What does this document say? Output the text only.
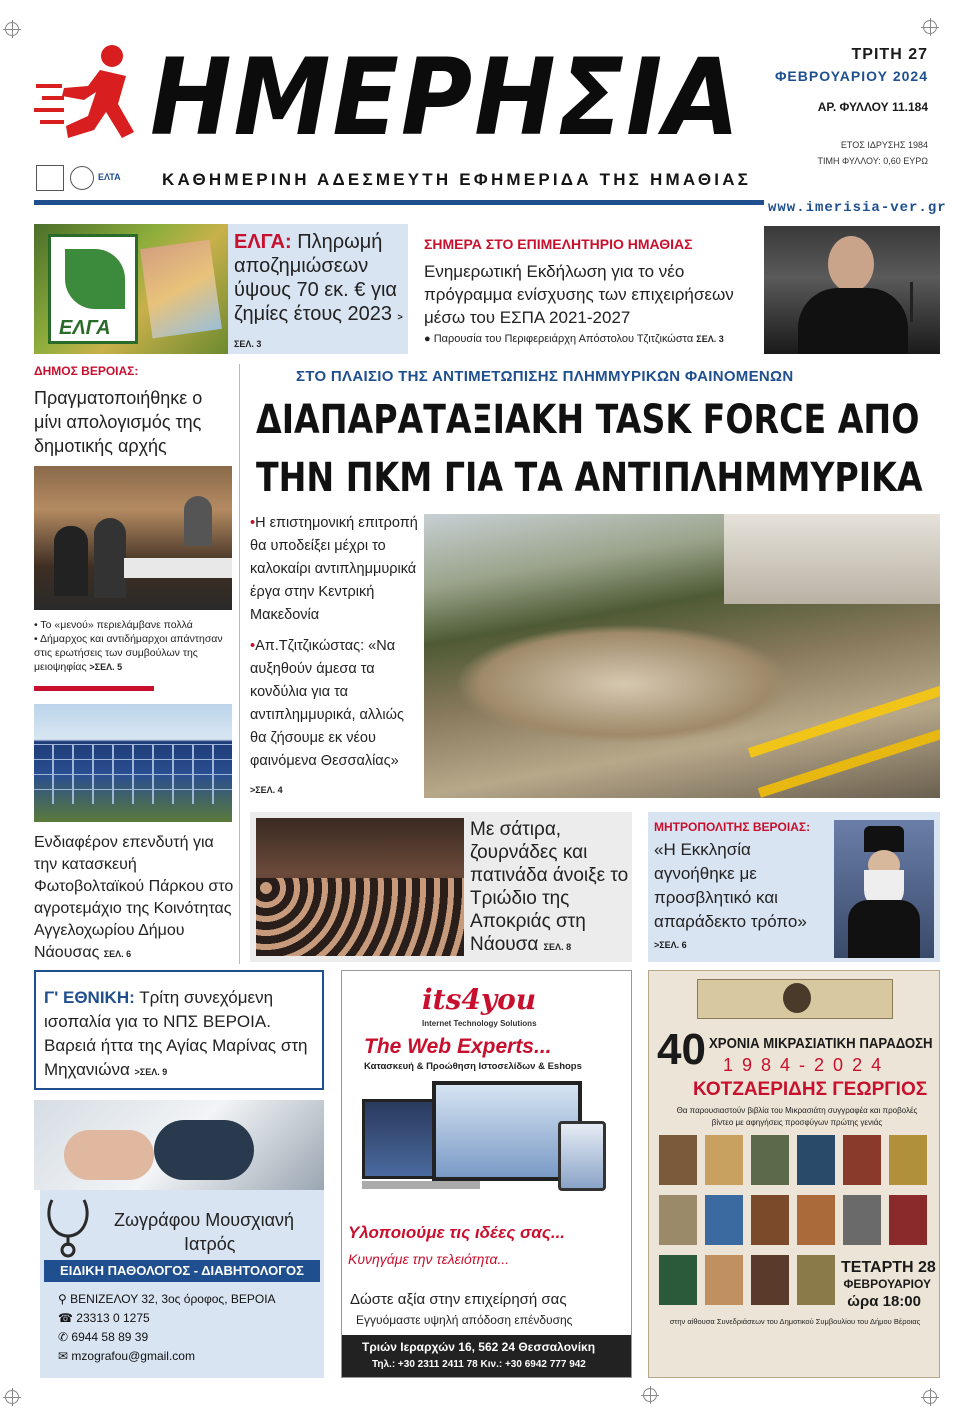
ΗΜΕΡΗΣΙΑ	ΤΡΙΤΗ 27
ΦΕΒΡΟΥΑΡΙΟΥ 2024
ΑΡ. ΦΥΛΛΟΥ 11.184
ΕΤΟΣ ΙΔΡΥΣΗΣ 1984
ΤΙΜΗ ΦΥΛΛΟΥ: 0,60 ΕΥΡΩ
ΕΛΤΑ ΚΑΘΗΜΕΡΙΝΗ ΑΔΕΣΜΕΥΤΗ ΕΦΗΜΕΡΙΔΑ ΤΗΣ ΗΜΑΘΙΑΣ
www.imerisia-ver.gr
ΕΛΓΑ
ΕΛΓΑ: Πληρωμή αποζημιώσεων ύψους 70 εκ. € για ζημίες έτους 2023 > ΣΕΛ. 3
ΣΗΜΕΡΑ ΣΤΟ ΕΠΙΜΕΛΗΤΗΡΙΟ ΗΜΑΘΙΑΣ
Ενημερωτική Εκδήλωση για το νέο πρόγραμμα ενίσχυσης των επιχειρήσεων μέσω του ΕΣΠΑ 2021-2027
● Παρουσία του Περιφερειάρχη Απόστολου Τζιτζικώστα ΣΕΛ. 3
ΔΗΜΟΣ ΒΕΡΟΙΑΣ:
Πραγματοποιήθηκε ο μίνι απολογισμός της δημοτικής αρχής
• Το «μενού» περιελάμβανε πολλά
• Δήμαρχος και αντιδήμαρχοι απάντησαν στις ερωτήσεις των συμβούλων της μειοψηφίας >ΣΕΛ. 5
Ενδιαφέρον επενδυτή για την κατασκευή Φωτοβολταϊκού Πάρκου στο αγροτεμάχιο της Κοινότητας Αγγελοχωρίου Δήμου Νάουσας ΣΕΛ. 6
ΣΤΟ ΠΛΑΙΣΙΟ ΤΗΣ ΑΝΤΙΜΕΤΩΠΙΣΗΣ ΠΛΗΜΜΥΡΙΚΩΝ ΦΑΙΝΟΜΕΝΩΝ
ΔΙΑΠΑΡΑΤΑΞΙΑΚΗ TASK FORCE ΑΠΟ
ΤΗΝ ΠΚΜ ΓΙΑ ΤΑ ΑΝΤΙΠΛΗΜΜΥΡΙΚΑ
•Η επιστημονική επιτροπή θα υποδείξει μέχρι το καλοκαίρι αντιπλημμυρικά έργα στην Κεντρική Μακεδονία
•Απ.Τζιτζικώστας: «Να αυξηθούν άμεσα τα κονδύλια για τα αντιπλημμυρικά, αλλιώς θα ζήσουμε εκ νέου φαινόμενα Θεσσαλίας»
>ΣΕΛ. 4
Με σάτιρα, ζουρνάδες και πατινάδα άνοιξε το Τριώδιο της Αποκριάς στη Νάουσα ΣΕΛ. 8
ΜΗΤΡΟΠΟΛΙΤΗΣ ΒΕΡΟΙΑΣ:
«Η Εκκλησία αγνοήθηκε με προσβλητικό και απαράδεκτο τρόπο»
>ΣΕΛ. 6
Γ' ΕΘΝΙΚΗ: Τρίτη συνεχόμενη ισοπαλία για το ΝΠΣ ΒΕΡΟΙΑ. Βαρειά ήττα της Αγίας Μαρίνας στη Μηχανιώνα >ΣΕΛ. 9
Ζωγράφου Μουσχιανή
Ιατρός
ΕΙΔΙΚΗ ΠΑΘΟΛΟΓΟΣ - ΔΙΑΒΗΤΟΛΟΓΟΣ
⚲ ΒΕΝΙΖΕΛΟΥ 32, 3ος όροφος, ΒΕΡΟΙΑ
☎ 23313 0 1275
✆ 6944 58 89 39
✉ mzografou@gmail.com
its4you
Internet Technology Solutions
The Web Experts...
Κατασκευή & Προώθηση Ιστοσελίδων & Eshops
Υλοποιούμε τις ιδέες σας...
Κυνηγάμε την τελειότητα...
Δώστε αξία στην επιχείρησή σας
Εγγυόμαστε υψηλή απόδοση επένδυσης
Τριών Ιεραρχών 16, 562 24 Θεσσαλονίκη
Τηλ.: +30 2311 2411 78 Κιν.: +30 6942 777 942
40 ΧΡΟΝΙΑ ΜΙΚΡΑΣΙΑΤΙΚΗ ΠΑΡΑΔΟΣΗ
1 9 8 4 - 2 0 2 4
ΚΟΤΖΑΕΡΙΔΗΣ ΓΕΩΡΓΙΟΣ
Θα παρουσιαστούν βιβλία του Μικρασιάτη συγγραφέα και προβολές βίντεο με αφηγήσεις προσφύγων πρώτης γενιάς
ΤΕΤΑΡΤΗ 28
ΦΕΒΡΟΥΑΡΙΟΥ
ώρα 18:00
στην αίθουσα Συνεδριάσεων του Δημοτικού Συμβουλίου του Δήμου Βέροιας
